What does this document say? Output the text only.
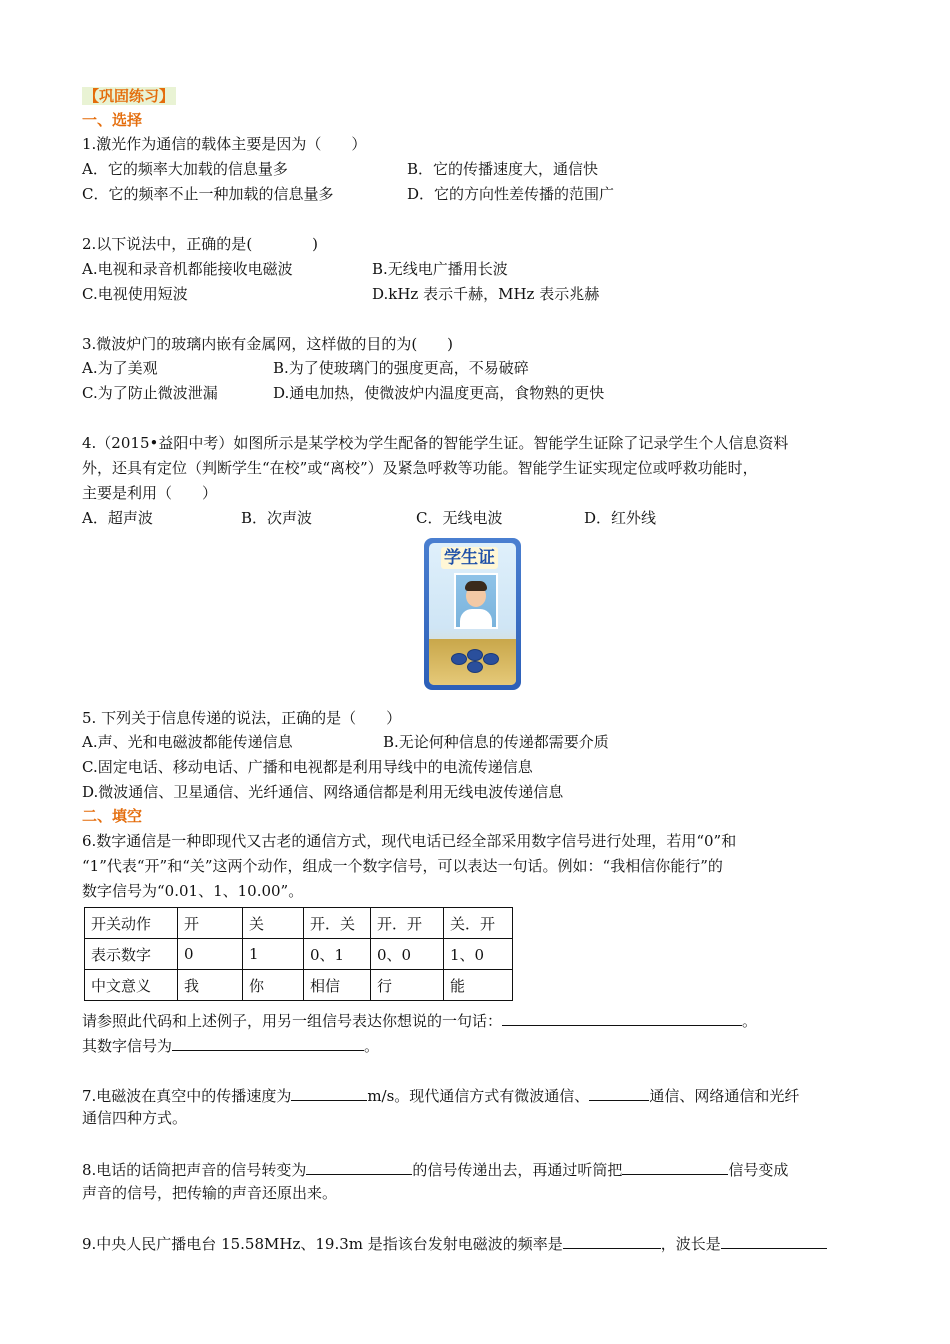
【巩固练习】
一、选择
1.激光作为通信的载体主要是因为（　　）
A．它的频率大加载的信息量多	B．它的传播速度大，通信快
C．它的频率不止一种加载的信息量多	D．它的方向性差传播的范围广
2.以下说法中，正确的是(　　　　)
A.电视和录音机都能接收电磁波	B.无线电广播用长波
C.电视使用短波	D.kHz 表示千赫，MHz 表示兆赫
3.微波炉门的玻璃内嵌有金属网，这样做的目的为(　　)
A.为了美观	B.为了使玻璃门的强度更高，不易破碎
C.为了防止微波泄漏	D.通电加热，使微波炉内温度更高，食物熟的更快
4.（2015•益阳中考）如图所示是某学校为学生配备的智能学生证。智能学生证除了记录学生个人信息资料
外，还具有定位（判断学生“在校”或“离校”）及紧急呼救等功能。智能学生证实现定位或呼救功能时，
主要是利用（　　）
A．超声波	B．次声波	C．无线电波	D．红外线
学生证
5. 下列关于信息传递的说法，正确的是（　　）
A.声、光和电磁波都能传递信息	B.无论何种信息的传递都需要介质
C.固定电话、移动电话、广播和电视都是利用导线中的电流传递信息
D.微波通信、卫星通信、光纤通信、网络通信都是利用无线电波传递信息
二、填空
6.数字通信是一种即现代又古老的通信方式，现代电话已经全部采用数字信号进行处理，若用“0”和
“1”代表“开”和“关”这两个动作，组成一个数字信号，可以表达一句话。例如：“我相信你能行”的
数字信号为“0.01、1、10.00”。
开关动作	开	关	开．关	开．开	关．开
表示数字	0	1	0、1	0、0	1、0
中文意义	我	你	相信	行	能
请参照此代码和上述例子，用另一组信号表达你想说的一句话：	。
其数字信号为	。
7.电磁波在真空中的传播速度为	m/s。现代通信方式有微波通信、	通信、网络通信和光纤
通信四种方式。
8.电话的话筒把声音的信号转变为	的信号传递出去，再通过听筒把	信号变成
声音的信号，把传输的声音还原出来。
9.中央人民广播电台 15.58MHz、19.3m 是指该台发射电磁波的频率是	，波长是
